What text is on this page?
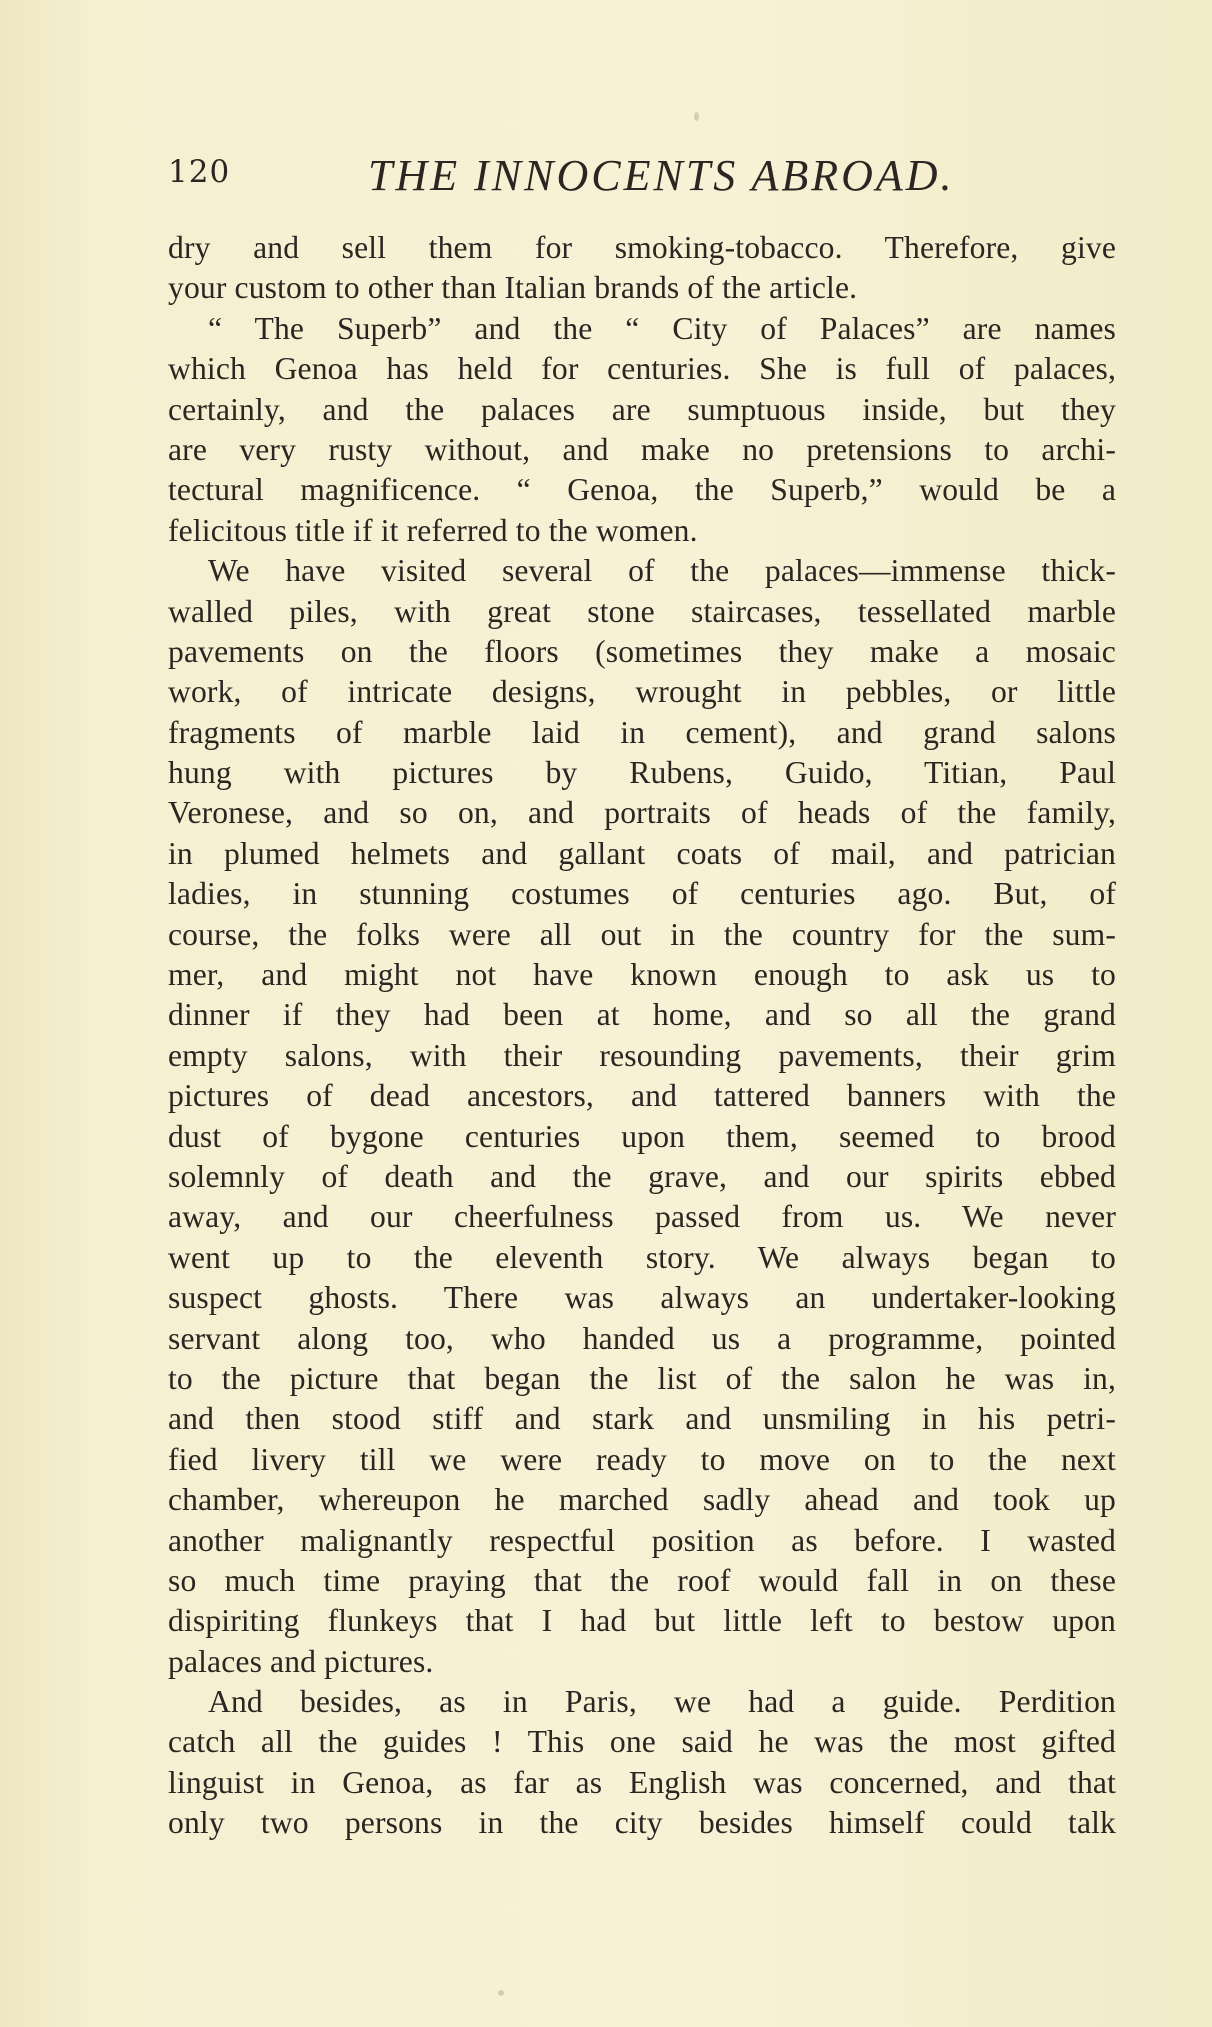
120	THE INNOCENTS ABROAD.

dry and sell them for smoking-tobacco. Therefore, give
your custom to other than Italian brands of the article.

“ The Superb” and the “ City of Palaces” are names
which Genoa has held for centuries. She is full of palaces,
certainly, and the palaces are sumptuous inside, but they
are very rusty without, and make no pretensions to archi-
tectural magnificence. “ Genoa, the Superb,” would be a
felicitous title if it referred to the women.

We have visited several of the palaces—immense thick-
walled piles, with great stone staircases, tessellated marble
pavements on the floors (sometimes they make a mosaic
work, of intricate designs, wrought in pebbles, or little
fragments of marble laid in cement), and grand salons
hung with pictures by Rubens, Guido, Titian, Paul
Veronese, and so on, and portraits of heads of the family,
in plumed helmets and gallant coats of mail, and patrician
ladies, in stunning costumes of centuries ago. But, of
course, the folks were all out in the country for the sum-
mer, and might not have known enough to ask us to
dinner if they had been at home, and so all the grand
empty salons, with their resounding pavements, their grim
pictures of dead ancestors, and tattered banners with the
dust of bygone centuries upon them, seemed to brood
solemnly of death and the grave, and our spirits ebbed
away, and our cheerfulness passed from us. We never
went up to the eleventh story. We always began to
suspect ghosts. There was always an undertaker-looking
servant along too, who handed us a programme, pointed
to the picture that began the list of the salon he was in,
and then stood stiff and stark and unsmiling in his petri-
fied livery till we were ready to move on to the next
chamber, whereupon he marched sadly ahead and took up
another malignantly respectful position as before. I wasted
so much time praying that the roof would fall in on these
dispiriting flunkeys that I had but little left to bestow upon
palaces and pictures.

And besides, as in Paris, we had a guide. Perdition
catch all the guides ! This one said he was the most gifted
linguist in Genoa, as far as English was concerned, and that
only two persons in the city besides himself could talk
